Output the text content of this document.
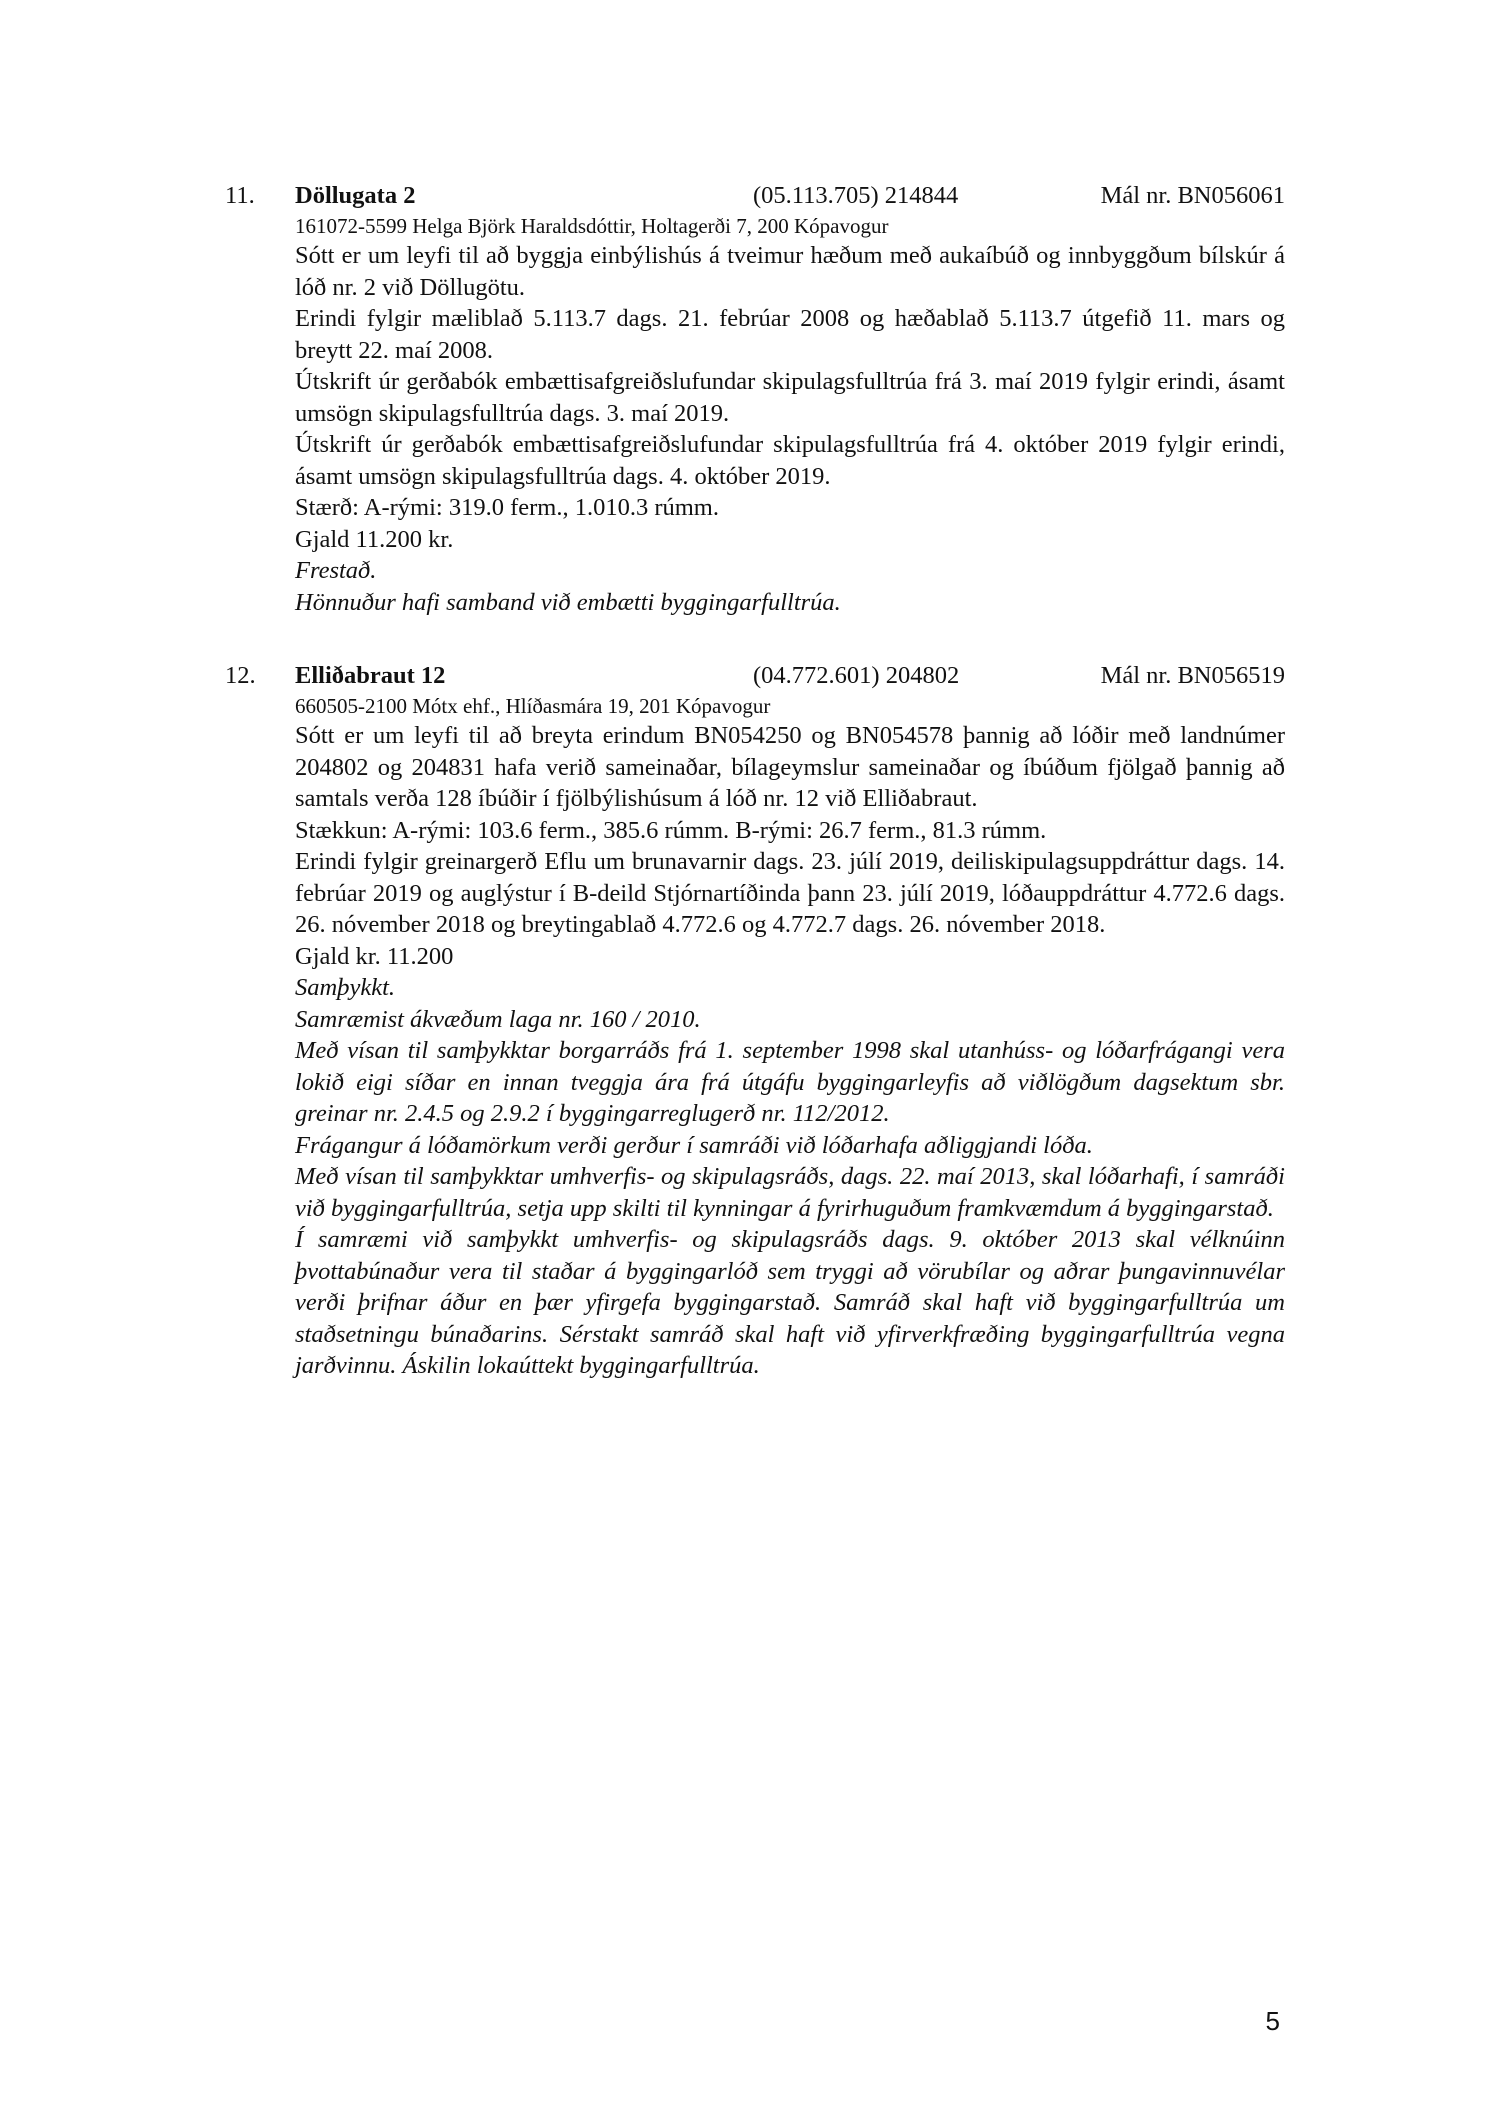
11. Döllugata 2	(05.113.705) 214844	Mál nr. BN056061
161072-5599 Helga Björk Haraldsdóttir, Holtagerði 7, 200 Kópavogur
Sótt er um leyfi til að byggja einbýlishús á tveimur hæðum með aukaíbúð og innbyggðum bílskúr á lóð nr. 2 við Döllugötu.
Erindi fylgir mæliblað 5.113.7 dags. 21. febrúar 2008 og hæðablað 5.113.7 útgefið 11. mars og breytt 22. maí 2008.
Útskrift úr gerðabók embættisafgreiðslufundar skipulagsfulltrúa frá 3. maí 2019 fylgir erindi, ásamt umsögn skipulagsfulltrúa dags. 3. maí 2019.
Útskrift úr gerðabók embættisafgreiðslufundar skipulagsfulltrúa frá 4. október 2019 fylgir erindi, ásamt umsögn skipulagsfulltrúa dags. 4. október 2019.
Stærð: A-rými: 319.0 ferm., 1.010.3 rúmm.
Gjald 11.200 kr.
Frestað.
Hönnuður hafi samband við embætti byggingarfulltrúa.
12. Elliðabraut 12	(04.772.601) 204802	Mál nr. BN056519
660505-2100 Mótx ehf., Hlíðasmára 19, 201 Kópavogur
Sótt er um leyfi til að breyta erindum BN054250 og BN054578 þannig að lóðir með landnúmer 204802 og 204831 hafa verið sameinaðar, bílageymslur sameinaðar og íbúðum fjölgað þannig að samtals verða 128 íbúðir í fjölbýlishúsum á lóð nr. 12 við Elliðabraut.
Stækkun: A-rými: 103.6 ferm., 385.6 rúmm. B-rými: 26.7 ferm., 81.3 rúmm.
Erindi fylgir greinargerð Eflu um brunavarnir dags. 23. júlí 2019, deiliskipulagsuppdráttur dags. 14. febrúar 2019 og auglýstur í B-deild Stjórnartíðinda þann 23. júlí 2019, lóðauppdráttur 4.772.6 dags. 26. nóvember 2018 og breytingablað 4.772.6 og 4.772.7 dags. 26. nóvember 2018.
Gjald kr. 11.200
Samþykkt.
Samræmist ákvæðum laga nr. 160 / 2010.
Með vísan til samþykktar borgarráðs frá 1. september 1998 skal utanhúss- og lóðarfrágangi vera lokið eigi síðar en innan tveggja ára frá útgáfu byggingarleyfis að viðlögðum dagsektum sbr. greinar nr. 2.4.5 og 2.9.2 í byggingarreglugerð nr. 112/2012.
Frágangur á lóðamörkum verði gerður í samráði við lóðarhafa aðliggjandi lóða.
Með vísan til samþykktar umhverfis- og skipulagsráðs, dags. 22. maí 2013, skal lóðarhafi, í samráði við byggingarfulltrúa, setja upp skilti til kynningar á fyrirhuguðum framkvæmdum á byggingarstað.
Í samræmi við samþykkt umhverfis- og skipulagsráðs dags. 9. október 2013 skal vélknúinn þvottabúnaður vera til staðar á byggingarlóð sem tryggi að vörubílar og aðrar þungavinnuvélar verði þrifnar áður en þær yfirgefa byggingarstað. Samráð skal haft við byggingarfulltrúa um staðsetningu búnaðarins. Sérstakt samráð skal haft við yfirverkfræðing byggingarfulltrúa vegna jarðvinnu. Áskilin lokaúttekt byggingarfulltrúa.
5
